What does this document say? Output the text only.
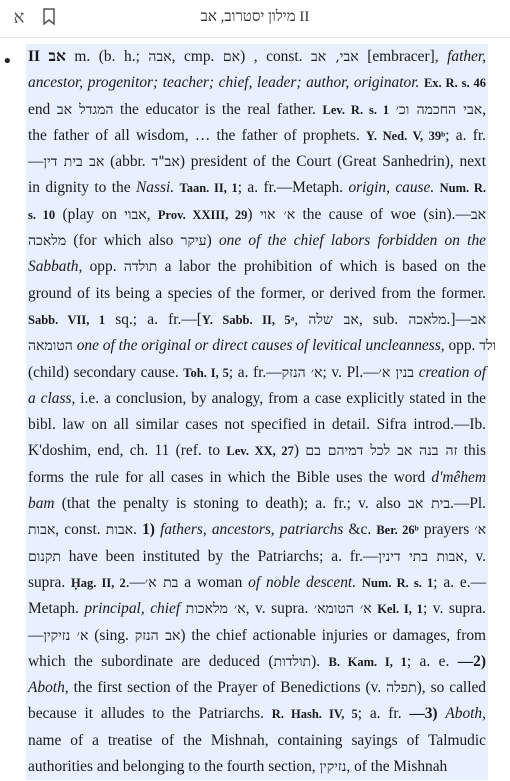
א	מילון יסטרוב, אב II
• II אב m. (b. h.; אבה, cmp. אם) , const. אבי, אב [embracer], father,
ancestor, progenitor; teacher; chief, leader; author, originator. Ex. R. s. 46
end המגדל אב the educator is the real father. Lev. R. s. 1 אבי החכמה וכ׳,
the father of all wisdom, … the father of prophets. Y. Ned. V, 39ᵇ; a. fr.
—אב בית דין (abbr. אב"ד) president of the Court (Great Sanhedrin), next
in dignity to the Nassi. Taan. II, 1; a. fr.—Metaph. origin, cause. Num. R.
s. 10 (play on אבוי, Prov. XXIII, 29) א׳ אוי the cause of woe (sin).—אב
מלאכה (for which also עיקר) one of the chief labors forbidden on the
Sabbath, opp. תולדה a labor the prohibition of which is based on the
ground of its being a species of the former, or derived from the former.
Sabb. VII, 1 sq.; a. fr.—[Y. Sabb. II, 5ᵃ, אב שלה, sub. מלאכה.]—אב
הטומאה one of the original or direct causes of levitical uncleanness, opp. ולד
(child) secondary cause. Toh. I, 5; a. fr.—א׳ הנזק; v. Pl.—בנין א׳ creation of
a class, i.e. a conclusion, by analogy, from a case explicitly stated in the
bibl. law on all similar cases not specified in detail. Sifra introd.—Ib.
K'doshim, end, ch. 11 (ref. to Lev. XX, 27) זה בנה אב לכל דמיהם בם this
forms the rule for all cases in which the Bible uses the word d'mêhem
bam (that the penalty is stoning to death); a. fr.; v. also בית אב.—Pl.
אבות, const. אבות. 1) fathers, ancestors, patriarchs &c. Ber. 26ᵇ prayers א׳
תקנום have been instituted by the Patriarchs; a. fr.—אבות בתי דינין, v.
supra. Ḥag. II, 2.—בת א׳ a woman of noble descent. Num. R. s. 1; a. e.—
Metaph. principal, chief א׳ מלאכות, v. supra. א׳ הטומא׳ Kel. I, 1; v. supra.
—א׳ נזיקין (sing. אב הנזק) the chief actionable injuries or damages, from
which the subordinate are deduced (תולדות). B. Kam. I, 1; a. e. —2)
Aboth, the first section of the Prayer of Benedictions (v. תפלה), so called
because it alludes to the Patriarchs. R. Hash. IV, 5; a. fr. —3) Aboth,
name of a treatise of the Mishnah, containing sayings of Talmudic
authorities and belonging to the fourth section, נזיקין, of the Mishnah
